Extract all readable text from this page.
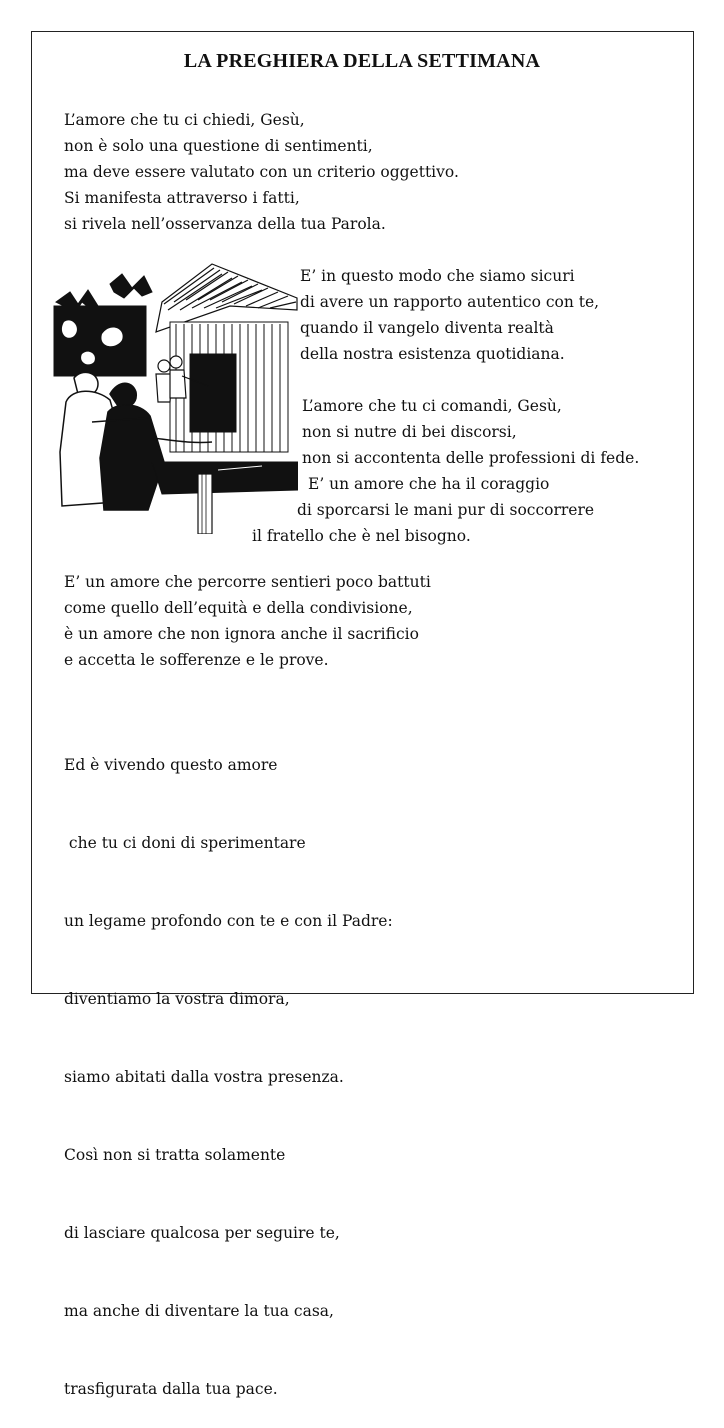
LA PREGHIERA DELLA SETTIMANA
L’amore che tu ci chiedi, Gesù,
non è solo una questione di sentimenti,
ma deve essere valutato con un criterio oggettivo.
Si manifesta attraverso i fatti,
si rivela nell’osservanza della tua Parola.
E’ in questo modo che siamo sicuri
di avere un rapporto autentico con te,
quando il vangelo diventa realtà
della nostra esistenza quotidiana.
L’amore che tu ci comandi, Gesù,
non si nutre di bei discorsi,
non si accontenta delle professioni di fede.
E’ un amore che ha il coraggio
di sporcarsi le mani pur di soccorrere
il fratello che è nel bisogno.
E’ un amore che percorre sentieri poco battuti
come quello dell’equità e della condivisione,
è un amore che non ignora anche il sacrificio
e accetta le sofferenze e le prove.

Ed è vivendo questo amore

che tu ci doni di sperimentare

un legame profondo con te e con il Padre:

diventiamo la vostra dimora,

siamo abitati dalla vostra presenza.

Così non si tratta solamente

di lasciare qualcosa per seguire te,

ma anche di diventare la tua casa,

trasfigurata dalla tua pace.
